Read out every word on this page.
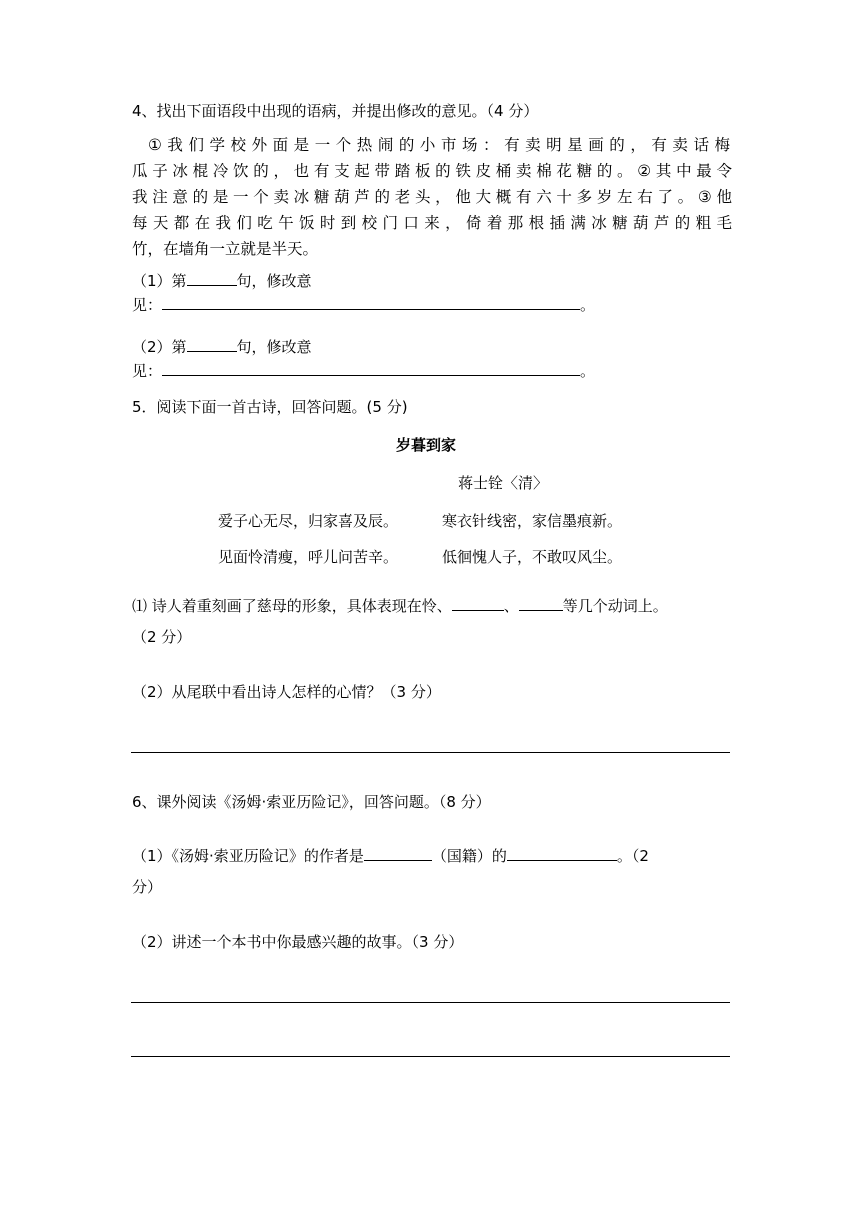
4、找出下面语段中出现的语病，并提出修改的意见。（4 分）
①我们学校外面是一个热闹的小市场：有卖明星画的，有卖话梅
瓜子冰棍冷饮的，也有支起带踏板的铁皮桶卖棉花糖的。②其中最令
我注意的是一个卖冰糖葫芦的老头，他大概有六十多岁左右了。③他
每天都在我们吃午饭时到校门口来，倚着那根插满冰糖葫芦的粗毛
竹，在墙角一立就是半天。
（1）第	句，修改意
见：	。
（2）第	句，修改意
见：	。
5．阅读下面一首古诗，回答问题。(5 分)
岁暮到家
蒋士铨〈清〉
爱子心无尽，归家喜及辰。	寒衣针线密，家信墨痕新。
见面怜清瘦，呼儿问苦辛。	低徊愧人子，不敢叹风尘。
⑴ 诗人着重刻画了慈母的形象，具体表现在怜、	、	等几个动词上。
（2 分）
（2）从尾联中看出诗人怎样的心情？（3 分）
6、课外阅读《汤姆·索亚历险记》，回答问题。（8 分）
（1）《汤姆·索亚历险记》的作者是	（国籍）的	。（2
分）
（2）讲述一个本书中你最感兴趣的故事。（3 分）
